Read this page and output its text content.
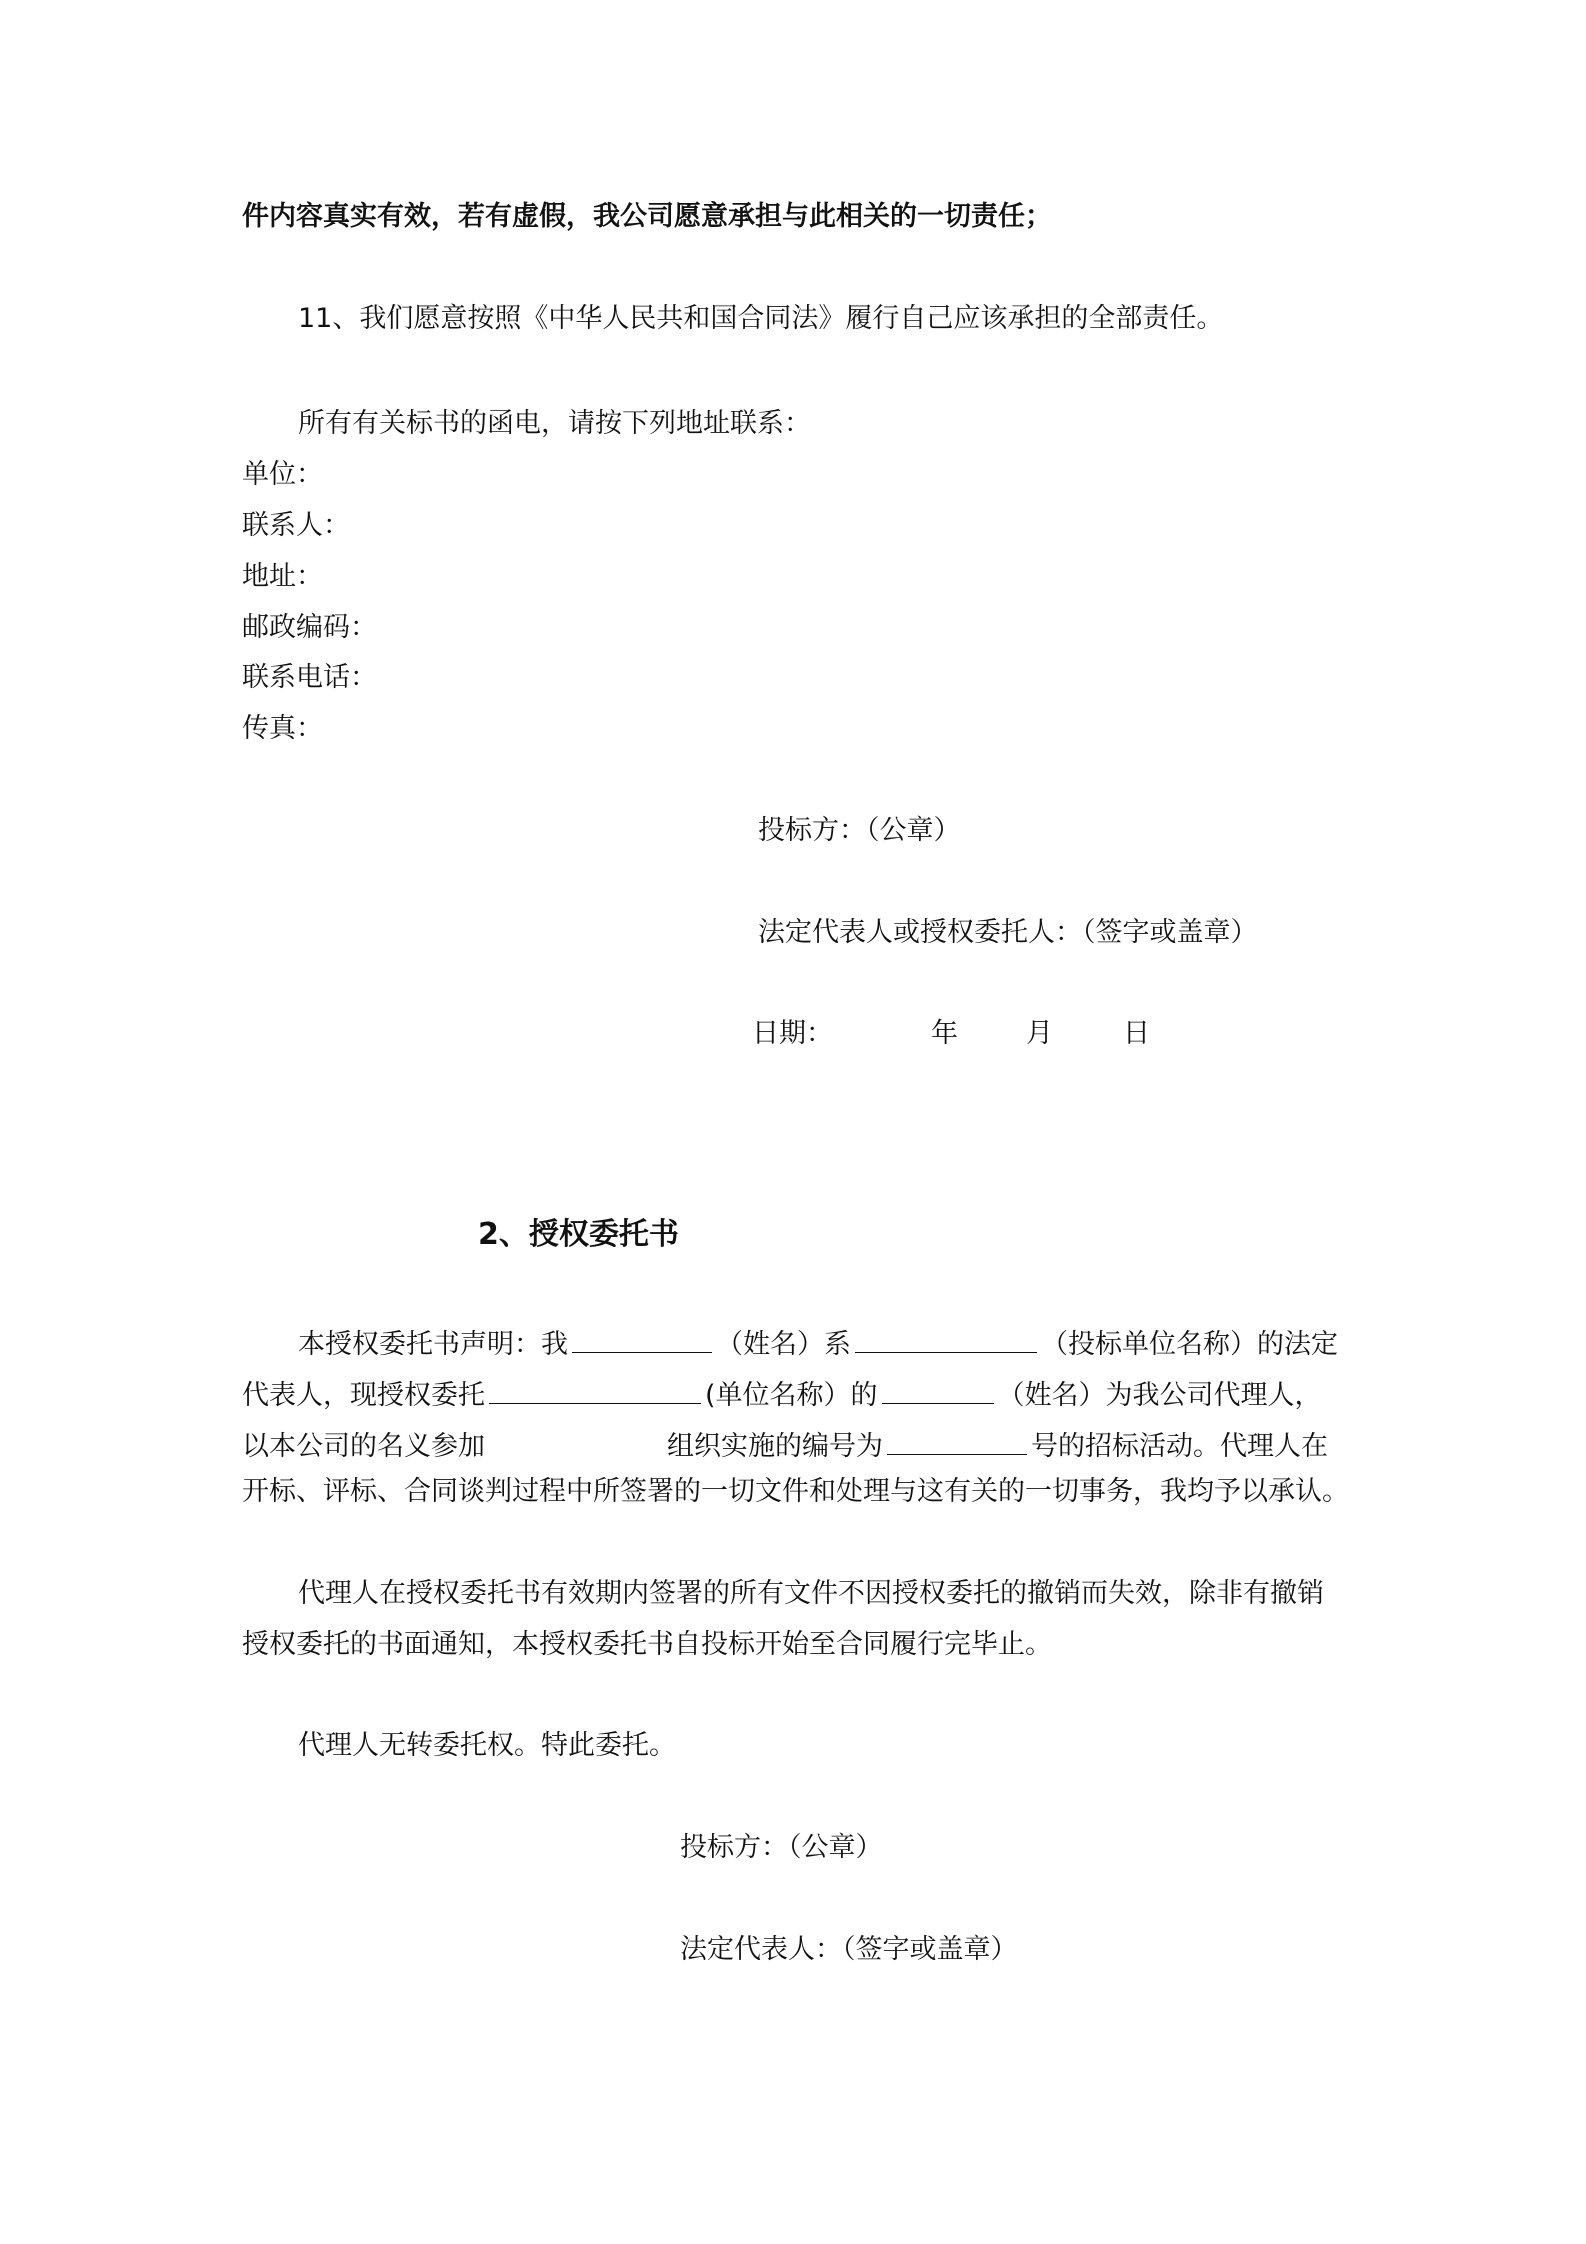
件内容真实有效，若有虚假，我公司愿意承担与此相关的一切责任；
11、我们愿意按照《中华人民共和国合同法》履行自己应该承担的全部责任。
所有有关标书的函电，请按下列地址联系：
单位：
联系人：
地址：
邮政编码：
联系电话：
传真：
投标方：（公章）
法定代表人或授权委托人：（签字或盖章）
日期：	年	月	日
2、授权委托书
本授权委托书声明：我	（姓名）系	（投标单位名称）的法定
代表人，现授权委托	(单位名称）的	（姓名）为我公司代理人，
以本公司的名义参加	组织实施的编号为	号的招标活动。代理人在
开标、评标、合同谈判过程中所签署的一切文件和处理与这有关的一切事务，我均予以承认。
代理人在授权委托书有效期内签署的所有文件不因授权委托的撤销而失效，除非有撤销
授权委托的书面通知，本授权委托书自投标开始至合同履行完毕止。
代理人无转委托权。特此委托。
投标方：（公章）
法定代表人：（签字或盖章）
